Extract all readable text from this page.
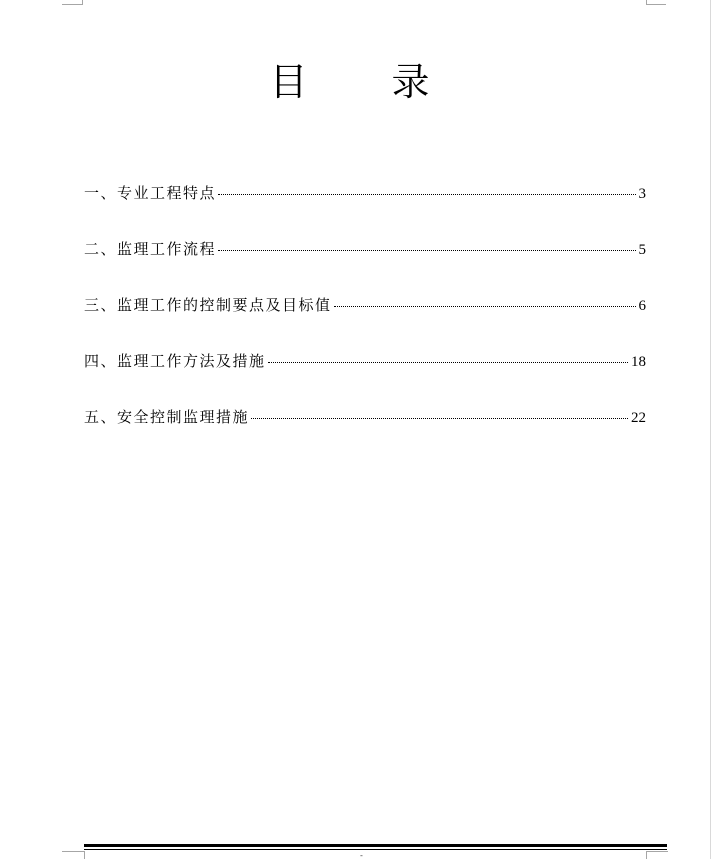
目 录
一、专业工程特点	3
二、监理工作流程	5
三、监理工作的控制要点及目标值	6
四、监理工作方法及措施	18
五、安全控制监理措施	22
-
